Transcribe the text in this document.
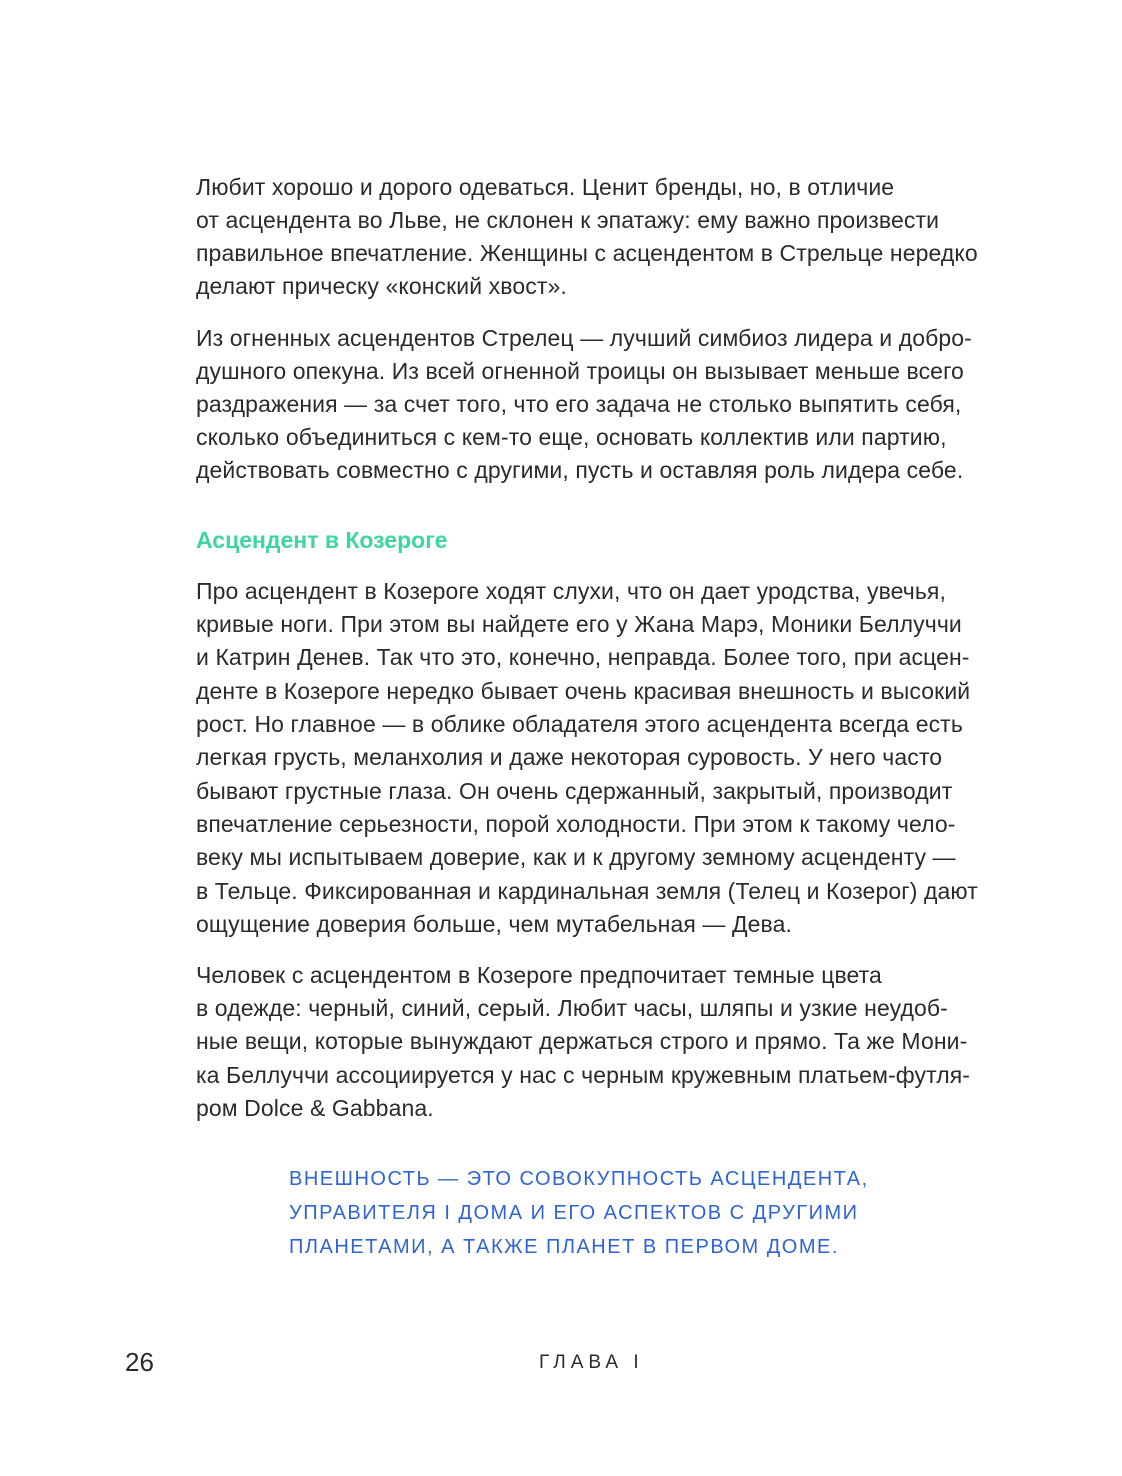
Любит хорошо и дорого одеваться. Ценит бренды, но, в отличие

от асцендента во Льве, не склонен к эпатажу: ему важно произвести

правильное впечатление. Женщины с асцендентом в Стрельце нередко

делают прическу «конский хвост».

Из огненных асцендентов Стрелец — лучший симбиоз лидера и добро-

душного опекуна. Из всей огненной троицы он вызывает меньше всего

раздражения — за счет того, что его задача не столько выпятить себя,

сколько объединиться с кем-то еще, основать коллектив или партию,

действовать совместно с другими, пусть и оставляя роль лидера себе.

Асцендент в Козероге

Про асцендент в Козероге ходят слухи, что он дает уродства, увечья,

кривые ноги. При этом вы найдете его у Жана Марэ, Моники Беллуччи

и Катрин Денев. Так что это, конечно, неправда. Более того, при асцен-

денте в Козероге нередко бывает очень красивая внешность и высокий

рост. Но главное — в облике обладателя этого асцендента всегда есть

легкая грусть, меланхолия и даже некоторая суровость. У него часто

бывают грустные глаза. Он очень сдержанный, закрытый, производит

впечатление серьезности, порой холодности. При этом к такому чело-

веку мы испытываем доверие, как и к другому земному асценденту —

в Тельце. Фиксированная и кардинальная земля (Телец и Козерог) дают

ощущение доверия больше, чем мутабельная — Дева.

Человек с асцендентом в Козероге предпочитает темные цвета

в одежде: черный, синий, серый. Любит часы, шляпы и узкие неудоб-

ные вещи, которые вынуждают держаться строго и прямо. Та же Мони-

ка Беллуччи ассоциируется у нас с черным кружевным платьем-футля-

ром Dolce & Gabbana.

ВНЕШНОСТЬ — ЭТО СОВОКУПНОСТЬ АСЦЕНДЕНТА,

УПРАВИТЕЛЯ I ДОМА И ЕГО АСПЕКТОВ С ДРУГИМИ

ПЛАНЕТАМИ, А ТАКЖЕ ПЛАНЕТ В ПЕРВОМ ДОМЕ.

26	ГЛАВА I
